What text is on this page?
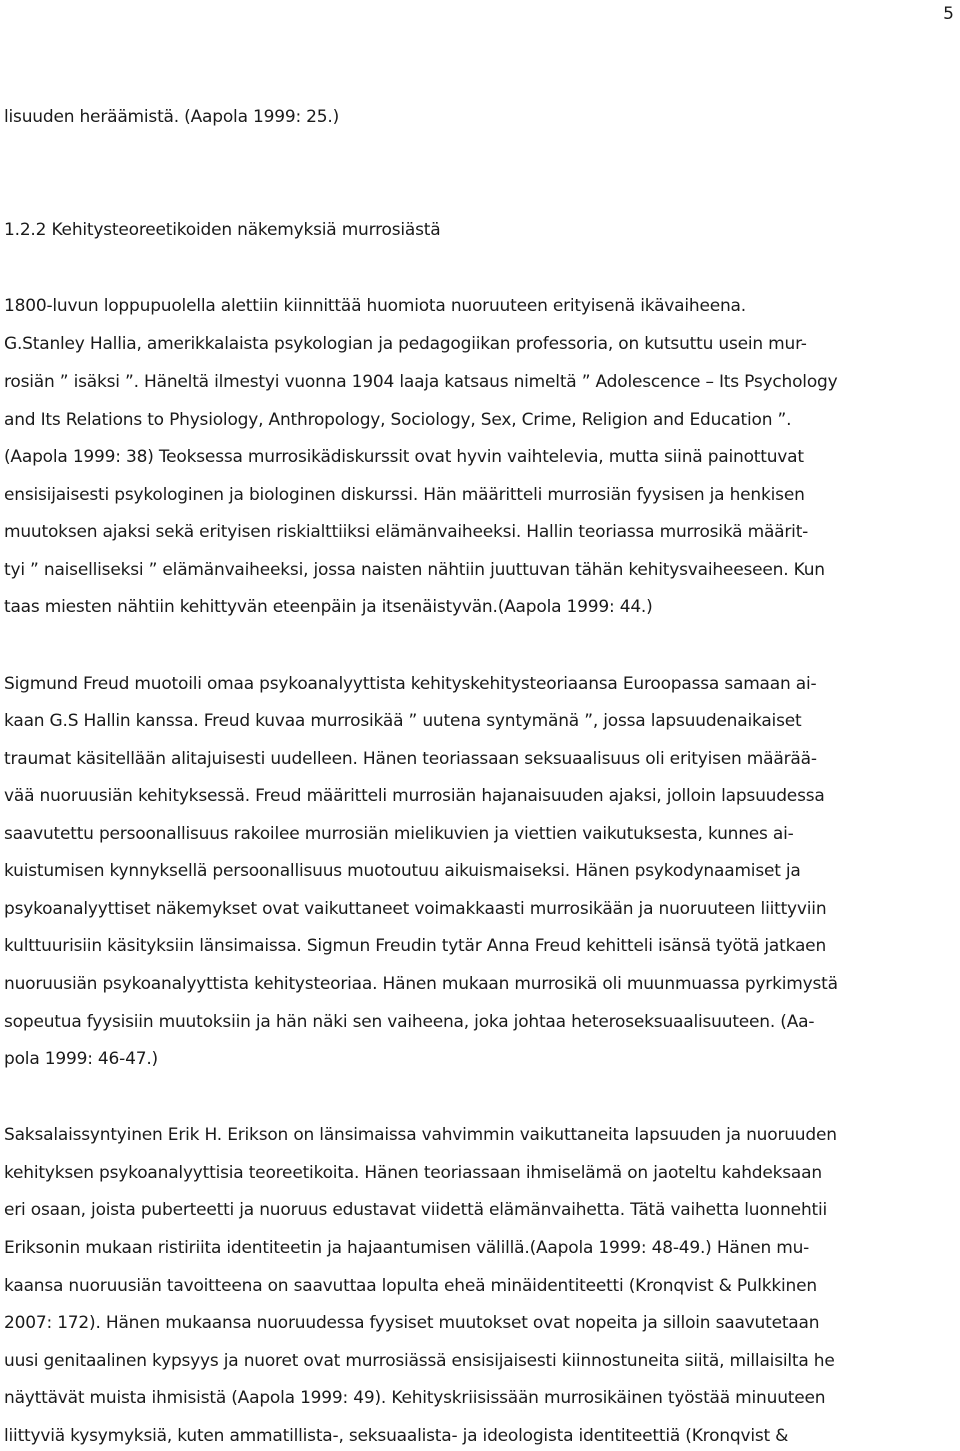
5

lisuuden heräämistä. (Aapola 1999: 25.)

1.2.2 Kehitysteoreetikoiden näkemyksiä murrosiästä

1800-luvun loppupuolella alettiin kiinnittää huomiota nuoruuteen erityisenä ikävaiheena.

G.Stanley Hallia, amerikkalaista psykologian ja pedagogiikan professoria, on kutsuttu usein mur-

rosiän ” isäksi ”. Häneltä ilmestyi vuonna 1904 laaja katsaus nimeltä ” Adolescence – Its Psychology

and Its Relations to Physiology, Anthropology, Sociology, Sex, Crime, Religion and Education ”.

(Aapola 1999: 38) Teoksessa murrosikädiskurssit ovat hyvin vaihtelevia, mutta siinä painottuvat

ensisijaisesti psykologinen ja biologinen diskurssi. Hän määritteli murrosiän fyysisen ja henkisen

muutoksen ajaksi sekä erityisen riskialttiiksi elämänvaiheeksi. Hallin teoriassa murrosikä määrit-

tyi ” naiselliseksi ” elämänvaiheeksi, jossa naisten nähtiin juuttuvan tähän kehitysvaiheeseen. Kun

taas miesten nähtiin kehittyvän eteenpäin ja itsenäistyvän.(Aapola 1999: 44.)

Sigmund Freud muotoili omaa psykoanalyyttista kehityskehitysteoriaansa Euroopassa samaan ai-

kaan G.S Hallin kanssa. Freud kuvaa murrosikää ” uutena syntymänä ”, jossa lapsuudenaikaiset

traumat käsitellään alitajuisesti uudelleen. Hänen teoriassaan seksuaalisuus oli erityisen määrää-

vää nuoruusiän kehityksessä. Freud määritteli murrosiän hajanaisuuden ajaksi, jolloin lapsuudessa

saavutettu persoonallisuus rakoilee murrosiän mielikuvien ja viettien vaikutuksesta, kunnes ai-

kuistumisen kynnyksellä persoonallisuus muotoutuu aikuismaiseksi. Hänen psykodynaamiset ja

psykoanalyyttiset näkemykset ovat vaikuttaneet voimakkaasti murrosikään ja nuoruuteen liittyviin

kulttuurisiin käsityksiin länsimaissa. Sigmun Freudin tytär Anna Freud kehitteli isänsä työtä jatkaen

nuoruusiän psykoanalyyttista kehitysteoriaa. Hänen mukaan murrosikä oli muunmuassa pyrkimystä

sopeutua fyysisiin muutoksiin ja hän näki sen vaiheena, joka johtaa heteroseksuaalisuuteen. (Aa-

pola 1999: 46-47.)

Saksalaissyntyinen Erik H. Erikson on länsimaissa vahvimmin vaikuttaneita lapsuuden ja nuoruuden

kehityksen psykoanalyyttisia teoreetikoita. Hänen teoriassaan ihmiselämä on jaoteltu kahdeksaan

eri osaan, joista puberteetti ja nuoruus edustavat viidettä elämänvaihetta. Tätä vaihetta luonnehtii

Eriksonin mukaan ristiriita identiteetin ja hajaantumisen välillä.(Aapola 1999: 48-49.) Hänen mu-

kaansa nuoruusiän tavoitteena on saavuttaa lopulta eheä minäidentiteetti (Kronqvist & Pulkkinen

2007: 172). Hänen mukaansa nuoruudessa fyysiset muutokset ovat nopeita ja silloin saavutetaan

uusi genitaalinen kypsyys ja nuoret ovat murrosiässä ensisijaisesti kiinnostuneita siitä, millaisilta he

näyttävät muista ihmisistä (Aapola 1999: 49). Kehityskriisissään murrosikäinen työstää minuuteen

liittyviä kysymyksiä, kuten ammatillista-, seksuaalista- ja ideologista identiteettiä (Kronqvist &
